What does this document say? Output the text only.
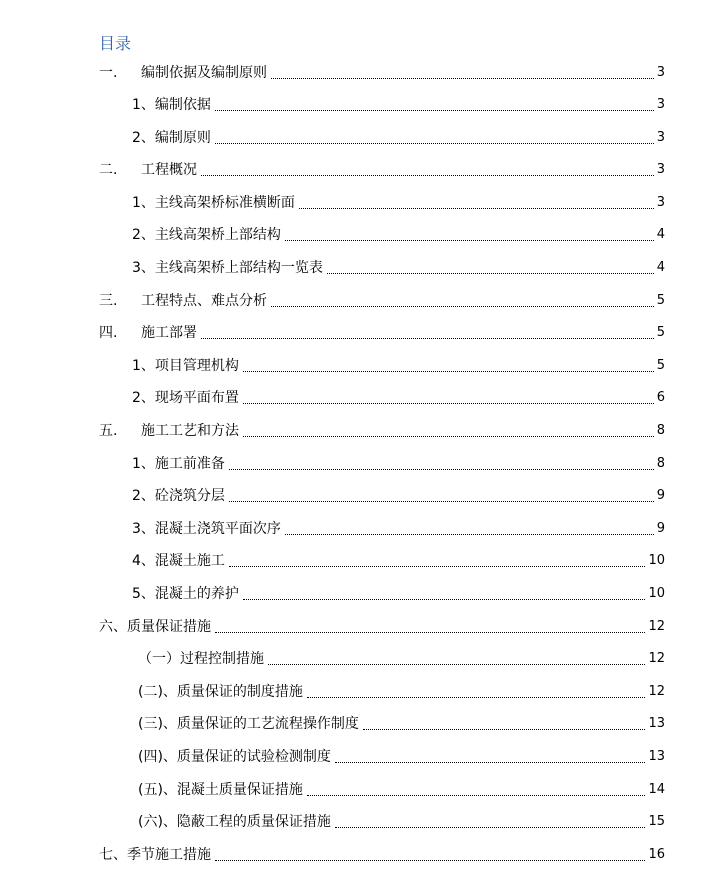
目录
一.	编制依据及编制原则	3
1、编制依据	3
2、编制原则	3
二.	工程概况	3
1、主线高架桥标准横断面	3
2、主线高架桥上部结构	4
3、主线高架桥上部结构一览表	4
三.	工程特点、难点分析	5
四.	施工部署	5
1、项目管理机构	5
2、现场平面布置	6
五.	施工工艺和方法	8
1、施工前准备	8
2、砼浇筑分层	9
3、混凝土浇筑平面次序	9
4、混凝土施工	10
5、混凝土的养护	10
六、质量保证措施	12
（一）过程控制措施	12
(二)、质量保证的制度措施	12
(三)、质量保证的工艺流程操作制度	13
(四)、质量保证的试验检测制度	13
(五)、混凝土质量保证措施	14
(六)、隐蔽工程的质量保证措施	15
七、季节施工措施	16
